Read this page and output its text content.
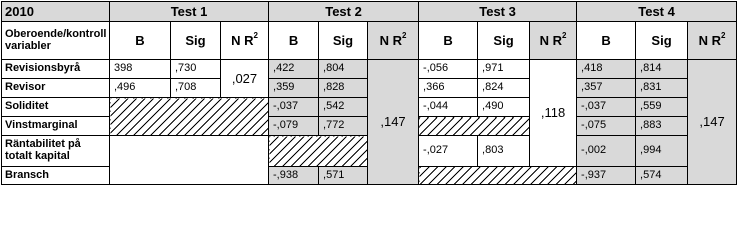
2010	Test 1			Test 2			Test 3			Test 4		
Oberoende/kontroll variabler	B	Sig	N $R^2$	B	Sig	N $R^2$	B	Sig	N $R^2$	B	Sig	N $R^2$
Revisionsbyrå	398	,730	,027	,422	,804	,147	-,056	,971	,118	,418	,814	,147
Revisor	,496	,708		,359	,828		,366	,824		,357	,831	
Soliditet				-,037	,542		-,044	,490		-,037	,559	
Vinstmarginal				-,079	,772					-,075	,883	
Räntabilitet på totalt kapital							-,027	,803		-,002	,994	
Bransch				-,938	,571					-,937	,574	
